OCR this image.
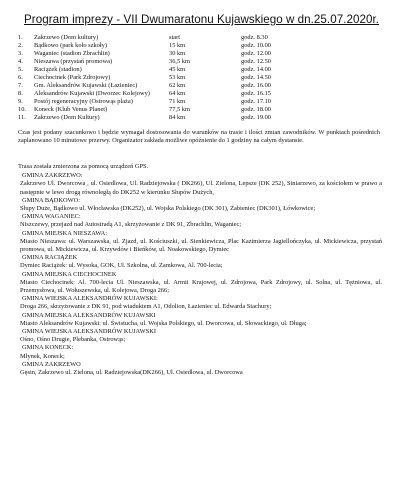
Program imprezy - VII Dwumaratonu Kujawskiego w dn.25.07.2020r.
1.	Zakrzewo (Dom kultury)	start	godz. 8.30
2.	Bądkowo (park koło szkoły)	15 km	godz. 10.00
3.	Waganiec (stadion Zbrachlin)	30 km	godz. 12.00
4.	Nieszawa (przystań promowa)	36,5 km	godz. 12.50
5.	Raciążek (stadion)	45 km	godz. 14.00
6.	Ciechocinek (Park Zdrojowy)	53 km	godz. 14.50
7.	Gm. Aleksandrów Kujawski (Łazieniec)	62 km	godz. 16.00
8.	Aleksandrów Kujawski (Dworzec Kolejowy)	64 km	godz. 16.15
9.	Postój regeneracyjny (Ostrowąs plaża)	71 km	godz. 17.10
10.	Koneck (Klub Venus Planet)	77,5 km	godz. 18.00
11.	Zakrzewo (Dom Kultury)	84 km	godz. 19.00
Czas jest podany szacunkowo i będzie wymagał dostosowania do warunków na trasie i ilości zmian zawodników. W punktach pośrednich zaplanowano 10 minutowe przerwy. Organizator zakłada możliwe opóźnienie do 1 godziny na całym dystansie.
Trasa została zmierzona za pomocą urządzeń GPS.
GMINA ZAKRZEWO:
Zakrzewo Ul. Dworcowa , ul. Osiedlowa, Ul. Radziejowska ( DK266), Ul. Zielona, Lepsze (DK 252), Siniarzewo, za kościołem w prawo a następnie w lewo drogą równoległą do DK252 w kierunku Słupów Dużych,
GMINA BĄDKOWO:
Słupy Duże, Bądkowo ul. Włocławska (DK252), ul. Wojska Polskiego (DK 301), Żabieniec (DK301), Łówkowice;
GMINA WAGANIEC:
Niszczewy, przejazd nad Autostradą A1, skrzyżowanie z DK 91, Zbrachlin, Waganiec;
GMINA MIEJSKA NIESZAWA:
Miasto Nieszawa: ul. Warszawska, ul. Zjazd, ul. Kościuszki, ul. Sienkiewicza, Plac Kazimierza Jagiellończyka, ul. Mickiewicza, przystań promowa, ul. Mickiewicza, ul. Krzywdów i Bieńków, ul. Noakowskiego, Dymiec
GMINA RACIĄŻEK
Dymiec Raciążek: ul. Wysoka, GOK, Ul. Szkolna, ul. Zamkowa, Al. 700-lecia;
GMINA MIEJSKA CIECHOCINEK
Miasto Ciechocinek: Al. 700-lecia Ul. Nieszawska, ul. Armii Krajowej, ul. Zdrojowa, Park Zdrojowy, ul. Solna, ul. Tężniowa, ul. Przemysłowa, ul. Wołuszewska, ul. Kolejowa, Droga 266;
GMINA WIEJSKA ALEKSANDRÓW KUJAWSKI:
Droga 266, skrzyżowanie z DK 91, pod wiaduktem A1, Odolion, Łazieniec ul. Edwarda Stachury;
GMINA MIEJSKA ALEKSANDRÓW KUJAWSKI
Miasto Aleksandrów Kujawski: ul. Świstucha, ul. Wojska Polskiego, ul. Dworcowa, ul. Słowackiego, ul. Długa;
GMINA WIEJSKA ALEKSANDRÓW KUJAWSKI
Ośno, Ośno Drugie, Plebanka, Ostrowąs;
GMINA KONECK:
Młynek, Koneck;
GMINA ZAKRZEWO
Gęsin, Zakrzewo ul. Zielona, ul. Radziejowska(DK266), Ul. Osiedlowa, ul. Dworcowa
